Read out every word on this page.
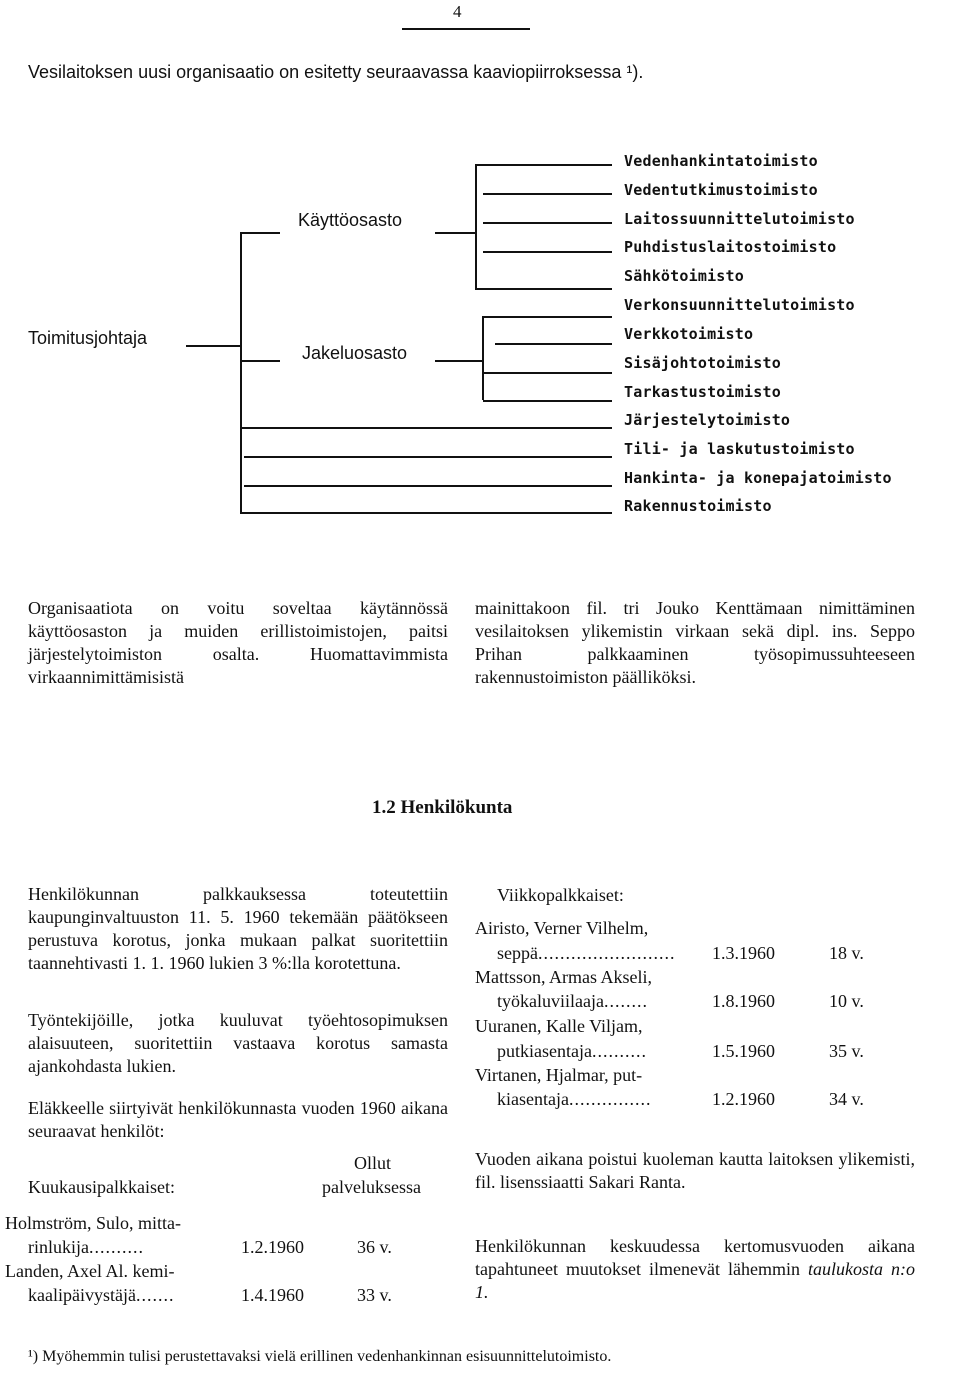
4
Vesilaitoksen uusi organisaatio on esitetty seuraavassa kaaviopiirroksessa ¹).
Toimitusjohtaja
Käyttöosasto
Jakeluosasto
Vedenhankintatoimisto
Vedentutkimustoimisto
Laitossuunnittelutoimisto
Puhdistuslaitostoimisto
Sähkötoimisto
Verkonsuunnittelutoimisto
Verkkotoimisto
Sisäjohtotoimisto
Tarkastustoimisto
Järjestelytoimisto
Tili- ja laskutustoimisto
Hankinta- ja konepajatoimisto
Rakennustoimisto
Organisaatiota on voitu soveltaa käytännössä käyttöosaston ja muiden erillistoimistojen, paitsi järjestelytoimiston osalta. Huomattavimmista virkaannimittämisistä
mainittakoon fil. tri Jouko Kenttämaan nimittäminen vesilaitoksen ylikemistin virkaan sekä dipl. ins. Seppo Prihan palkkaaminen työsopimussuhteeseen rakennustoimiston päälliköksi.
1.2 Henkilökunta
Henkilökunnan palkkauksessa toteutettiin kaupunginvaltuuston 11. 5. 1960 tekemään päätökseen perustuva korotus, jonka mukaan palkat suoritettiin taannehtivasti 1. 1. 1960 lukien 3 %:lla korotettuna.
Työntekijöille, jotka kuuluvat työehtosopimuksen alaisuuteen, suoritettiin vastaava korotus samasta ajankohdasta lukien.
Eläkkeelle siirtyivät henkilökunnasta vuoden 1960 aikana seuraavat henkilöt:
Ollut
Kuukausipalkkaiset:	palveluksessa
Holmström, Sulo, mitta-
rinlukija..........	1.2.1960	36 v.
Landen, Axel Al. kemi-
kaalipäivystäjä.......	1.4.1960	33 v.
Viikkopalkkaiset:
Airisto, Verner Vilhelm,
seppä......................... 1.3.1960	18 v.
Mattsson, Armas Akseli,
työkaluviilaaja........	1.8.1960	10 v.
Uuranen, Kalle Viljam,
putkiasentaja..........	1.5.1960	35 v.
Virtanen, Hjalmar, put-
kiasentaja...............	1.2.1960	34 v.
Vuoden aikana poistui kuoleman kautta laitoksen ylikemisti, fil. lisenssiaatti Sakari Ranta.
Henkilökunnan keskuudessa kertomusvuoden aikana tapahtuneet muutokset ilmenevät lähemmin taulukosta n:o 1.
¹) Myöhemmin tulisi perustettavaksi vielä erillinen vedenhankinnan esisuunnittelutoimisto.
